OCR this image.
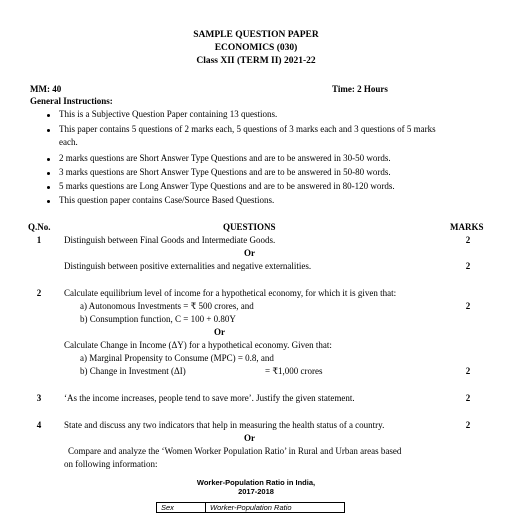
SAMPLE QUESTION PAPER
ECONOMICS (030)
Class XII (TERM II) 2021-22
MM: 40	Time: 2 Hours
General Instructions:
This is a Subjective Question Paper containing 13 questions.
This paper contains 5 questions of 2 marks each, 5 questions of 3 marks each and 3 questions of 5 marks
each.
2 marks questions are Short Answer Type Questions and are to be answered in 30-50 words.
3 marks questions are Short Answer Type Questions and are to be answered in 50-80 words.
5 marks questions are Long Answer Type Questions and are to be answered in 80-120 words.
This question paper contains Case/Source Based Questions.
Q.No.	QUESTIONS	MARKS
1	Distinguish between Final Goods and Intermediate Goods.	2
Or
Distinguish between positive externalities and negative externalities.	2
2	Calculate equilibrium level of income for a hypothetical economy, for which it is given that:
a) Autonomous Investments = ₹ 500 crores, and	2
b) Consumption function, C = 100 + 0.80Y
Or
Calculate Change in Income (ΔY) for a hypothetical economy. Given that:
a) Marginal Propensity to Consume (MPC) = 0.8, and
b) Change in Investment (ΔI)	= ₹1,000 crores	2
3	‘As the income increases, people tend to save more’. Justify the given statement.	2
4	State and discuss any two indicators that help in measuring the health status of a country.	2
Or
Compare and analyze the ‘Women Worker Population Ratio’ in Rural and Urban areas based
on following information:
Worker-Population Ratio in India,
2017-2018
Sex	Worker-Population Ratio
